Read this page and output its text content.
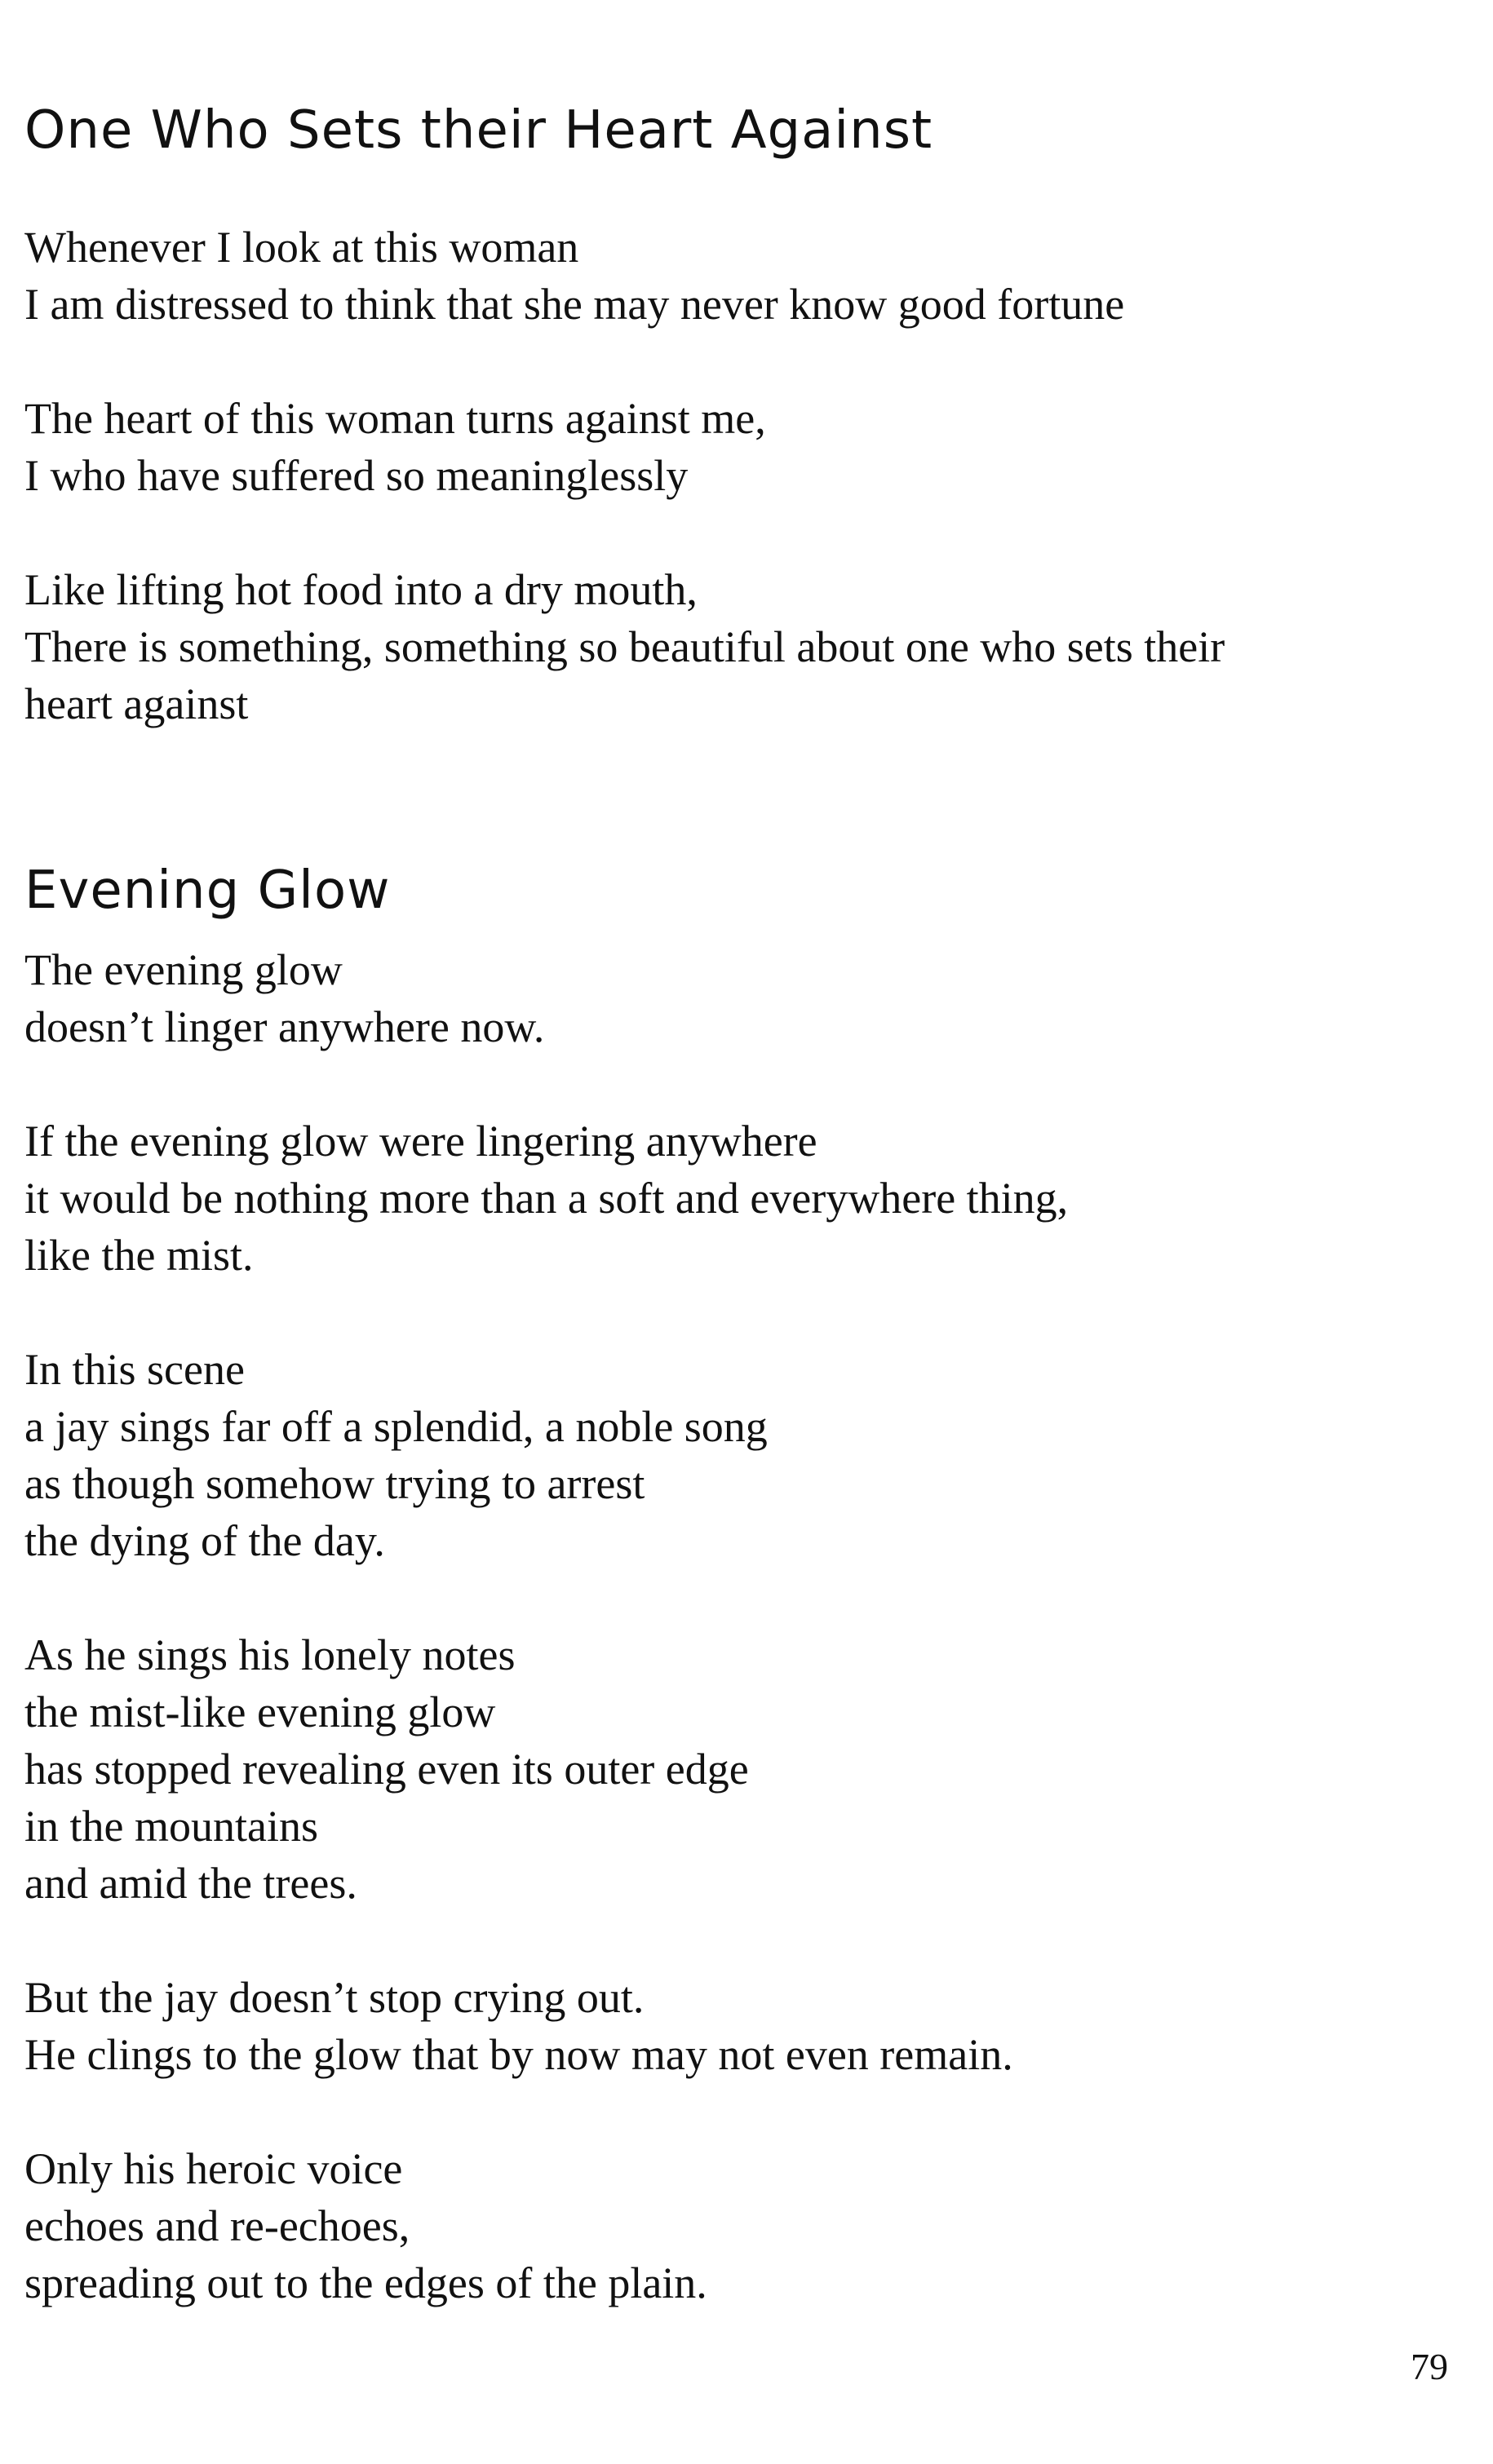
One Who Sets their Heart Against

Whenever I look at this woman
I am distressed to think that she may never know good fortune

The heart of this woman turns against me,
I who have suffered so meaninglessly

Like lifting hot food into a dry mouth,
There is something, something so beautiful about one who sets their
heart against

Evening Glow

The evening glow
doesn’t linger anywhere now.

If the evening glow were lingering anywhere
it would be nothing more than a soft and everywhere thing,
like the mist.

In this scene
a jay sings far off a splendid, a noble song
as though somehow trying to arrest
the dying of the day.

As he sings his lonely notes
the mist-like evening glow
has stopped revealing even its outer edge
in the mountains
and amid the trees.

But the jay doesn’t stop crying out.
He clings to the glow that by now may not even remain.

Only his heroic voice
echoes and re-echoes,
spreading out to the edges of the plain.

79
